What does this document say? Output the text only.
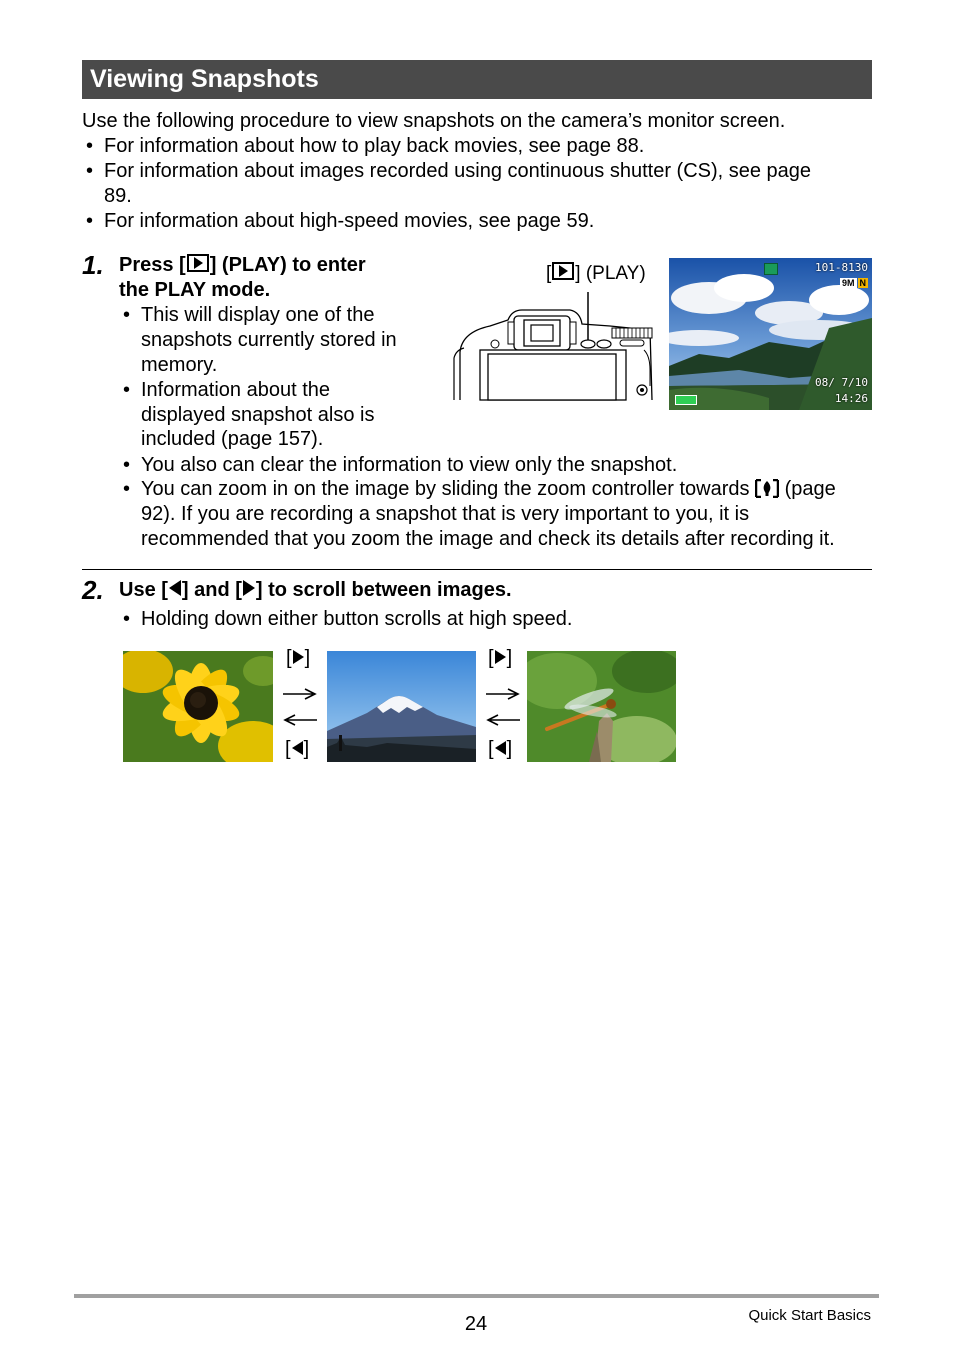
Viewing Snapshots
Use the following procedure to view snapshots on the camera’s monitor screen.
• For information about how to play back movies, see page 88.
• For information about images recorded using continuous shutter (CS), see page
89.
• For information about high-speed movies, see page 59.
1. Press [ ] (PLAY) to enter
the PLAY mode.
• This will display one of the
snapshots currently stored in
memory.
• Information about the
displayed snapshot also is
included (page 157).
• You also can clear the information to view only the snapshot.
• You can zoom in on the image by sliding the zoom controller towards (page
92). If you are recording a snapshot that is very important to you, it is
recommended that you zoom the image and check its details after recording it.
[ ] (PLAY)	101-8130
9M N
08/ 7/10
14:26
2. Use [ ] and [ ] to scroll between images.
• Holding down either button scrolls at high speed.
[ ]
[ ]
[ ]
[ ]
24	Quick Start Basics
